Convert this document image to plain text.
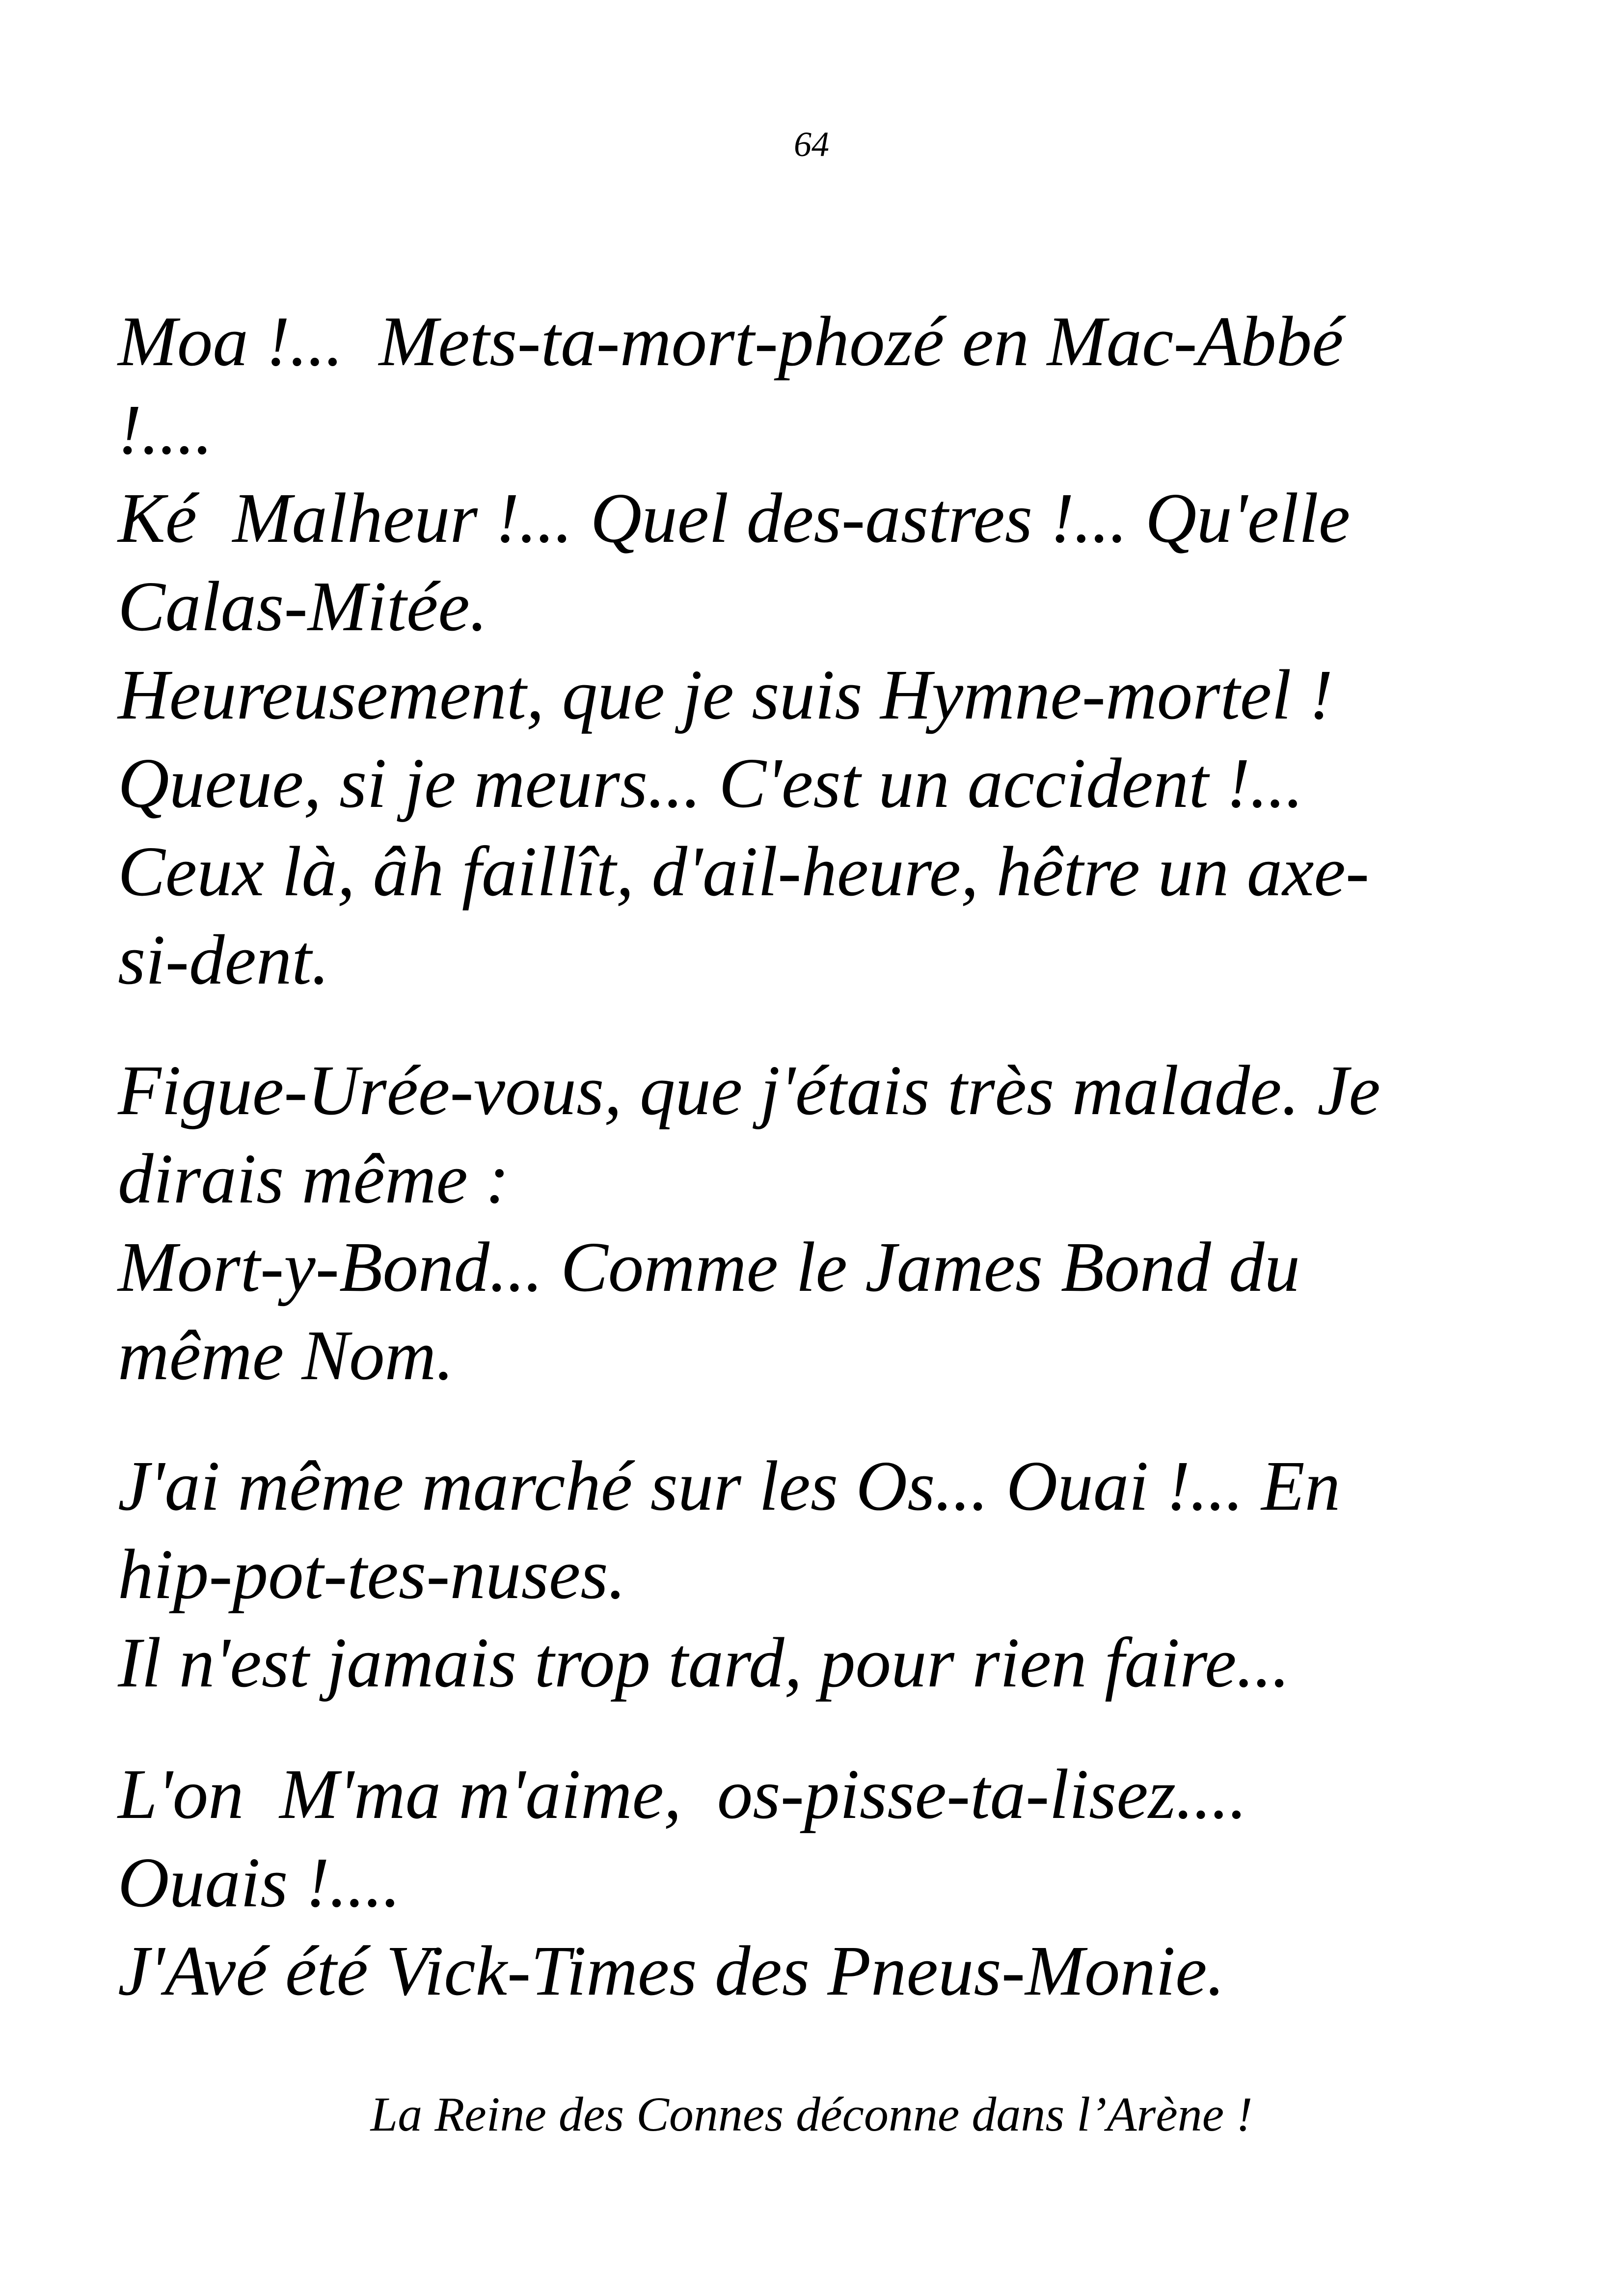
64
Moa !...  Mets-ta-mort-phozé en Mac-Abbé
!....
Ké  Malheur !... Quel des-astres !... Qu'elle
Calas-Mitée.
Heureusement, que je suis Hymne-mortel !
Queue, si je meurs... C'est un accident !...
Ceux là, âh faillît, d'ail-heure, hêtre un axe-
si-dent.
Figue-Urée-vous, que j'étais très malade. Je
dirais même :
Mort-y-Bond... Comme le James Bond du
même Nom.
J'ai même marché sur les Os... Ouai !... En
hip-pot-tes-nuses.
Il n'est jamais trop tard, pour rien faire...
L'on  M'ma m'aime,  os-pisse-ta-lisez....
Ouais !....
J'Avé été Vick-Times des Pneus-Monie.
La Reine des Connes déconne dans l’Arène !
